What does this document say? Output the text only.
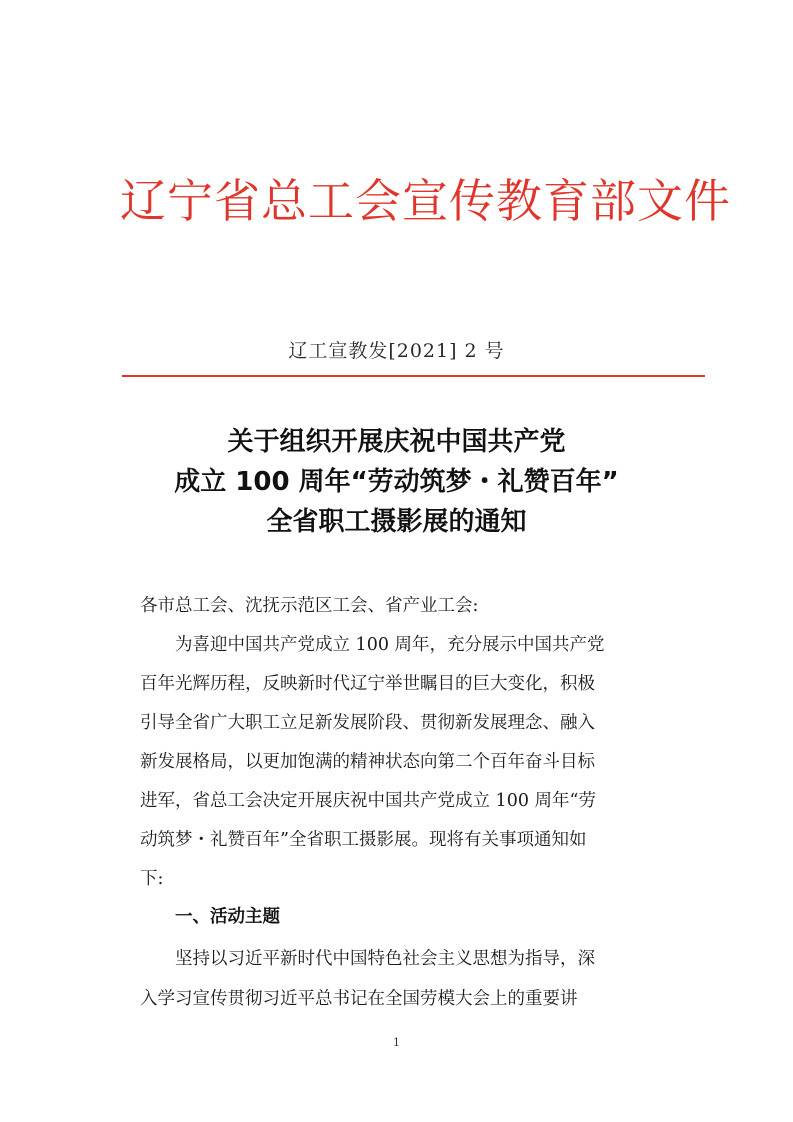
辽宁省总工会宣传教育部文件
辽工宣教发[2021] 2 号
关于组织开展庆祝中国共产党
成立 100 周年“劳动筑梦・礼赞百年”
全省职工摄影展的通知
各市总工会、沈抚示范区工会、省产业工会:
为喜迎中国共产党成立 100 周年，充分展示中国共产党
百年光辉历程，反映新时代辽宁举世瞩目的巨大变化，积极
引导全省广大职工立足新发展阶段、贯彻新发展理念、融入
新发展格局，以更加饱满的精神状态向第二个百年奋斗目标
进军，省总工会决定开展庆祝中国共产党成立 100 周年“劳
动筑梦・礼赞百年”全省职工摄影展。现将有关事项通知如
下:
一、活动主题
坚持以习近平新时代中国特色社会主义思想为指导，深
入学习宣传贯彻习近平总书记在全国劳模大会上的重要讲
1
